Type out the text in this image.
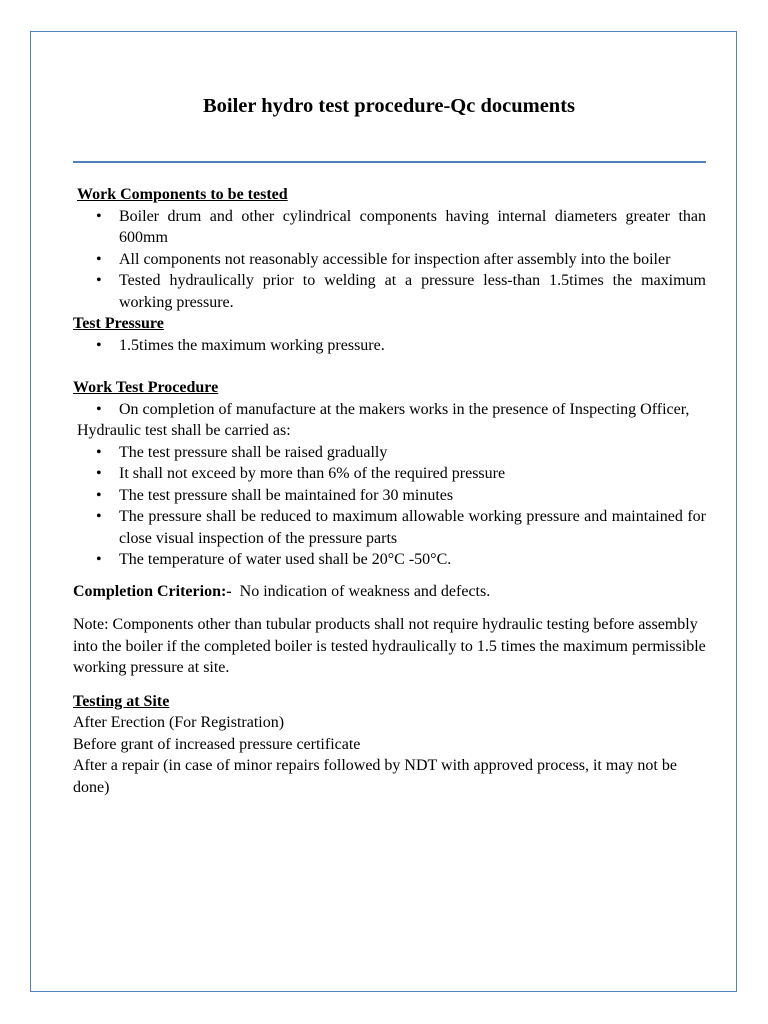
Boiler hydro test procedure-Qc documents
Work Components to be tested
• Boiler drum and other cylindrical components having internal diameters greater than 600mm
• All components not reasonably accessible for inspection after assembly into the boiler
• Tested hydraulically prior to welding at a pressure less-than 1.5times the maximum working pressure.
Test Pressure
• 1.5times the maximum working pressure.
Work Test Procedure
• On completion of manufacture at the makers works in the presence of Inspecting Officer,

Hydraulic test shall be carried as:

• The test pressure shall be raised gradually
• It shall not exceed by more than 6% of the required pressure
• The test pressure shall be maintained for 30 minutes
• The pressure shall be reduced to maximum allowable working pressure and maintained for close visual inspection of the pressure parts
• The temperature of water used shall be 20°C -50°C.

Completion Criterion:-  No indication of weakness and defects.

Note: Components other than tubular products shall not require hydraulic testing before assembly into the boiler if the completed boiler is tested hydraulically to 1.5 times the maximum permissible working pressure at site.

Testing at Site

After Erection (For Registration)

Before grant of increased pressure certificate

After a repair (in case of minor repairs followed by NDT with approved process, it may not be done)
